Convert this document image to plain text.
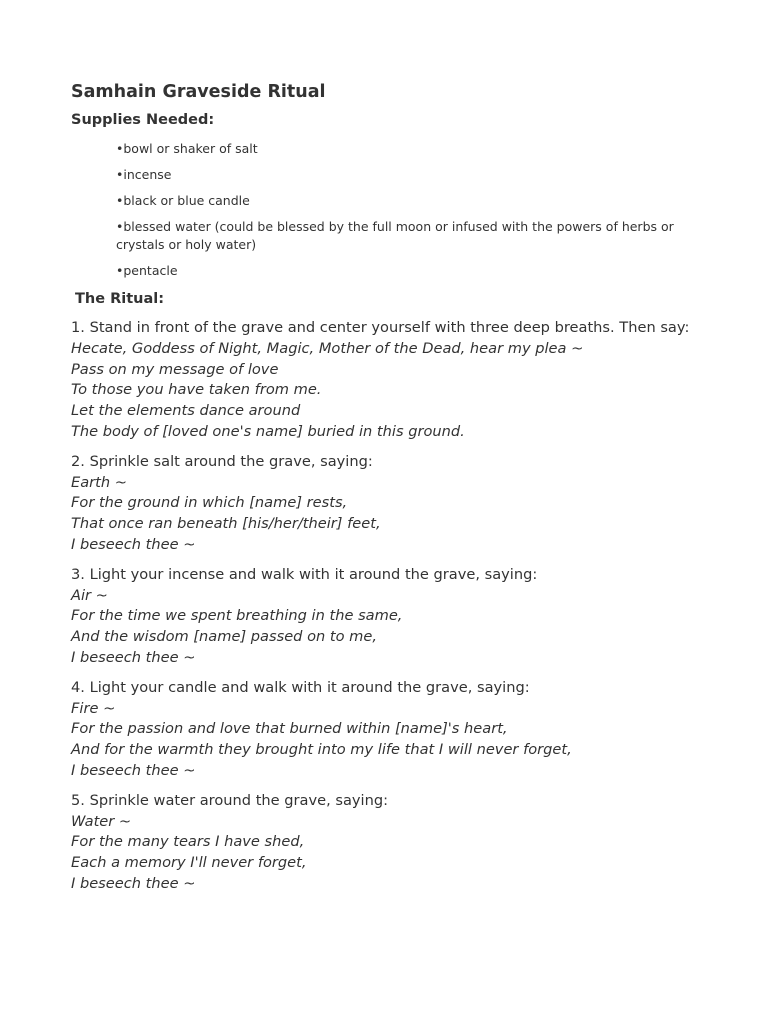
Samhain Graveside Ritual
Supplies Needed:
•bowl or shaker of salt
•incense
•black or blue candle
•blessed water (could be blessed by the full moon or infused with the powers of herbs or crystals or holy water)
•pentacle
The Ritual:

1. Stand in front of the grave and center yourself with three deep breaths. Then say:

Hecate, Goddess of Night, Magic, Mother of the Dead, hear my plea ~

Pass on my message of love

To those you have taken from me.

Let the elements dance around

The body of [loved one's name] buried in this ground.

2. Sprinkle salt around the grave, saying:

Earth ~

For the ground in which [name] rests,

That once ran beneath [his/her/their] feet,

I beseech thee ~

3. Light your incense and walk with it around the grave, saying:

Air ~

For the time we spent breathing in the same,

And the wisdom [name] passed on to me,

I beseech thee ~

4. Light your candle and walk with it around the grave, saying:

Fire ~

For the passion and love that burned within [name]'s heart,

And for the warmth they brought into my life that I will never forget,

I beseech thee ~

5. Sprinkle water around the grave, saying:

Water ~

For the many tears I have shed,

Each a memory I'll never forget,

I beseech thee ~
